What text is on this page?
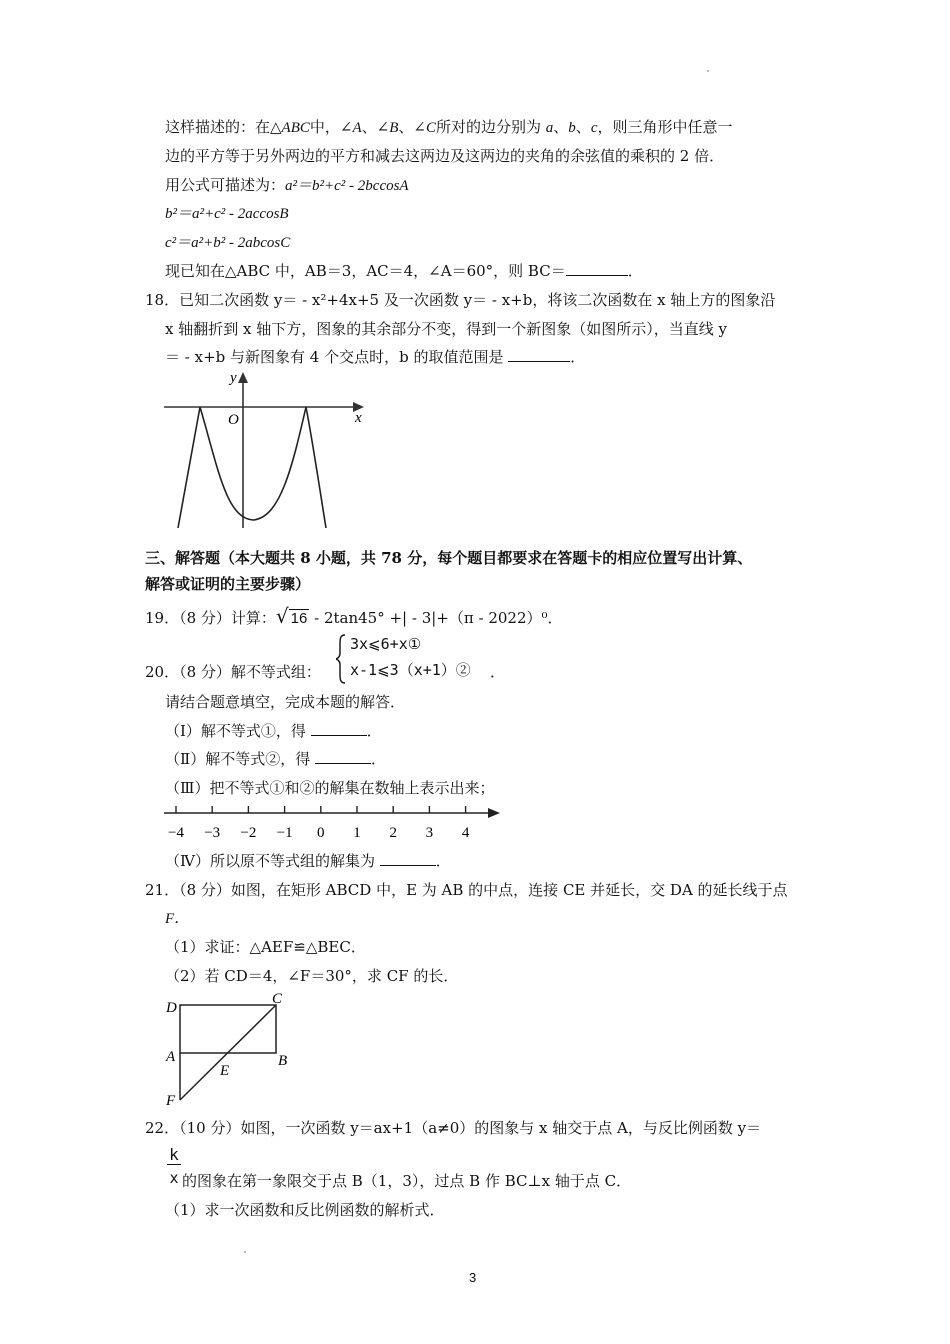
这样描述的：在△ABC中，∠A、∠B、∠C所对的边分别为 a、b、c，则三角形中任意一
边的平方等于另外两边的平方和减去这两边及这两边的夹角的余弦值的乘积的 2 倍．
用公式可描述为：a²＝b²+c² - 2bccosA
b²＝a²+c² - 2accosB
c²＝a²+b² - 2abcosC
现已知在△ABC 中，AB＝3，AC＝4，∠A＝60°，则 BC＝	．
18．已知二次函数 y＝ - x²+4x+5 及一次函数 y＝ - x+b，将该二次函数在 x 轴上方的图象沿
x 轴翻折到 x 轴下方，图象的其余部分不变，得到一个新图象（如图所示），当直线 y
＝ - x+b 与新图象有 4 个交点时，b 的取值范围是	．
y
x
O
三、解答题（本大题共 8 小题，共 78 分，每个题目都要求在答题卡的相应位置写出计算、
解答或证明的主要步骤）
19．（8 分）计算：√ 16 - 2tan45° +| - 3|+（π - 2022）⁰．
20．（8 分）解不等式组：
3x⩽6+x①
x-1⩽3（x+1）② ．
请结合题意填空，完成本题的解答．
（Ⅰ）解不等式①，得	．
（Ⅱ）解不等式②，得	．
（Ⅲ）把不等式①和②的解集在数轴上表示出来；
−4 −3 −2 −1 0 1 2 3 4
（Ⅳ）所以原不等式组的解集为	．
21．（8 分）如图，在矩形 ABCD 中，E 为 AB 的中点，连接 CE 并延长，交 DA 的延长线于点
F．
（1）求证：△AEF≌△BEC．
（2）若 CD＝4，∠F＝30°，求 CF 的长．
D
C
A	B
E
F
22．（10 分）如图，一次函数 y＝ax+1（a≠0）的图象与 x 轴交于点 A，与反比例函数 y＝
k
x 的图象在第一象限交于点 B（1，3），过点 B 作 BC⊥x 轴于点 C．
（1）求一次函数和反比例函数的解析式．
3
